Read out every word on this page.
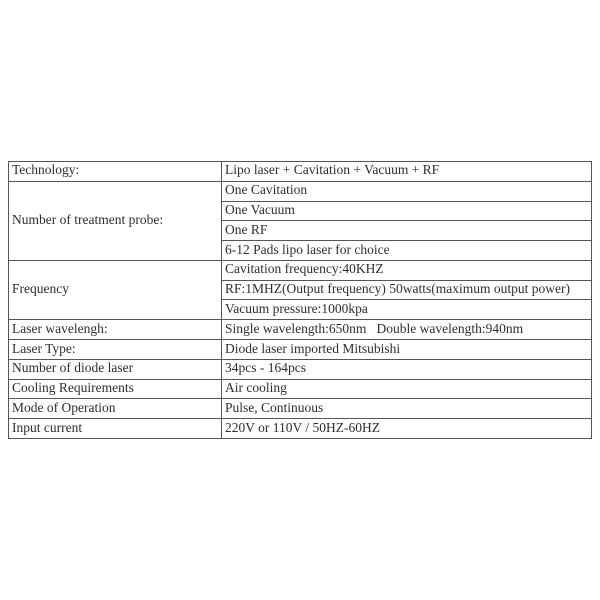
Technology:	Lipo laser + Cavitation + Vacuum + RF
Number of treatment probe:	One Cavitation
	One Vacuum
	One RF
	6-12 Pads lipo laser for choice
Frequency	Cavitation frequency:40KHZ
	RF:1MHZ(Output frequency) 50watts(maximum output power)
	Vacuum pressure:1000kpa
Laser wavelengh:	Single wavelength:650nm   Double wavelength:940nm
Laser Type:	Diode laser imported Mitsubishi
Number of diode laser	34pcs - 164pcs
Cooling Requirements	Air cooling
Mode of Operation	Pulse, Continuous
Input current	220V or 110V / 50HZ-60HZ
